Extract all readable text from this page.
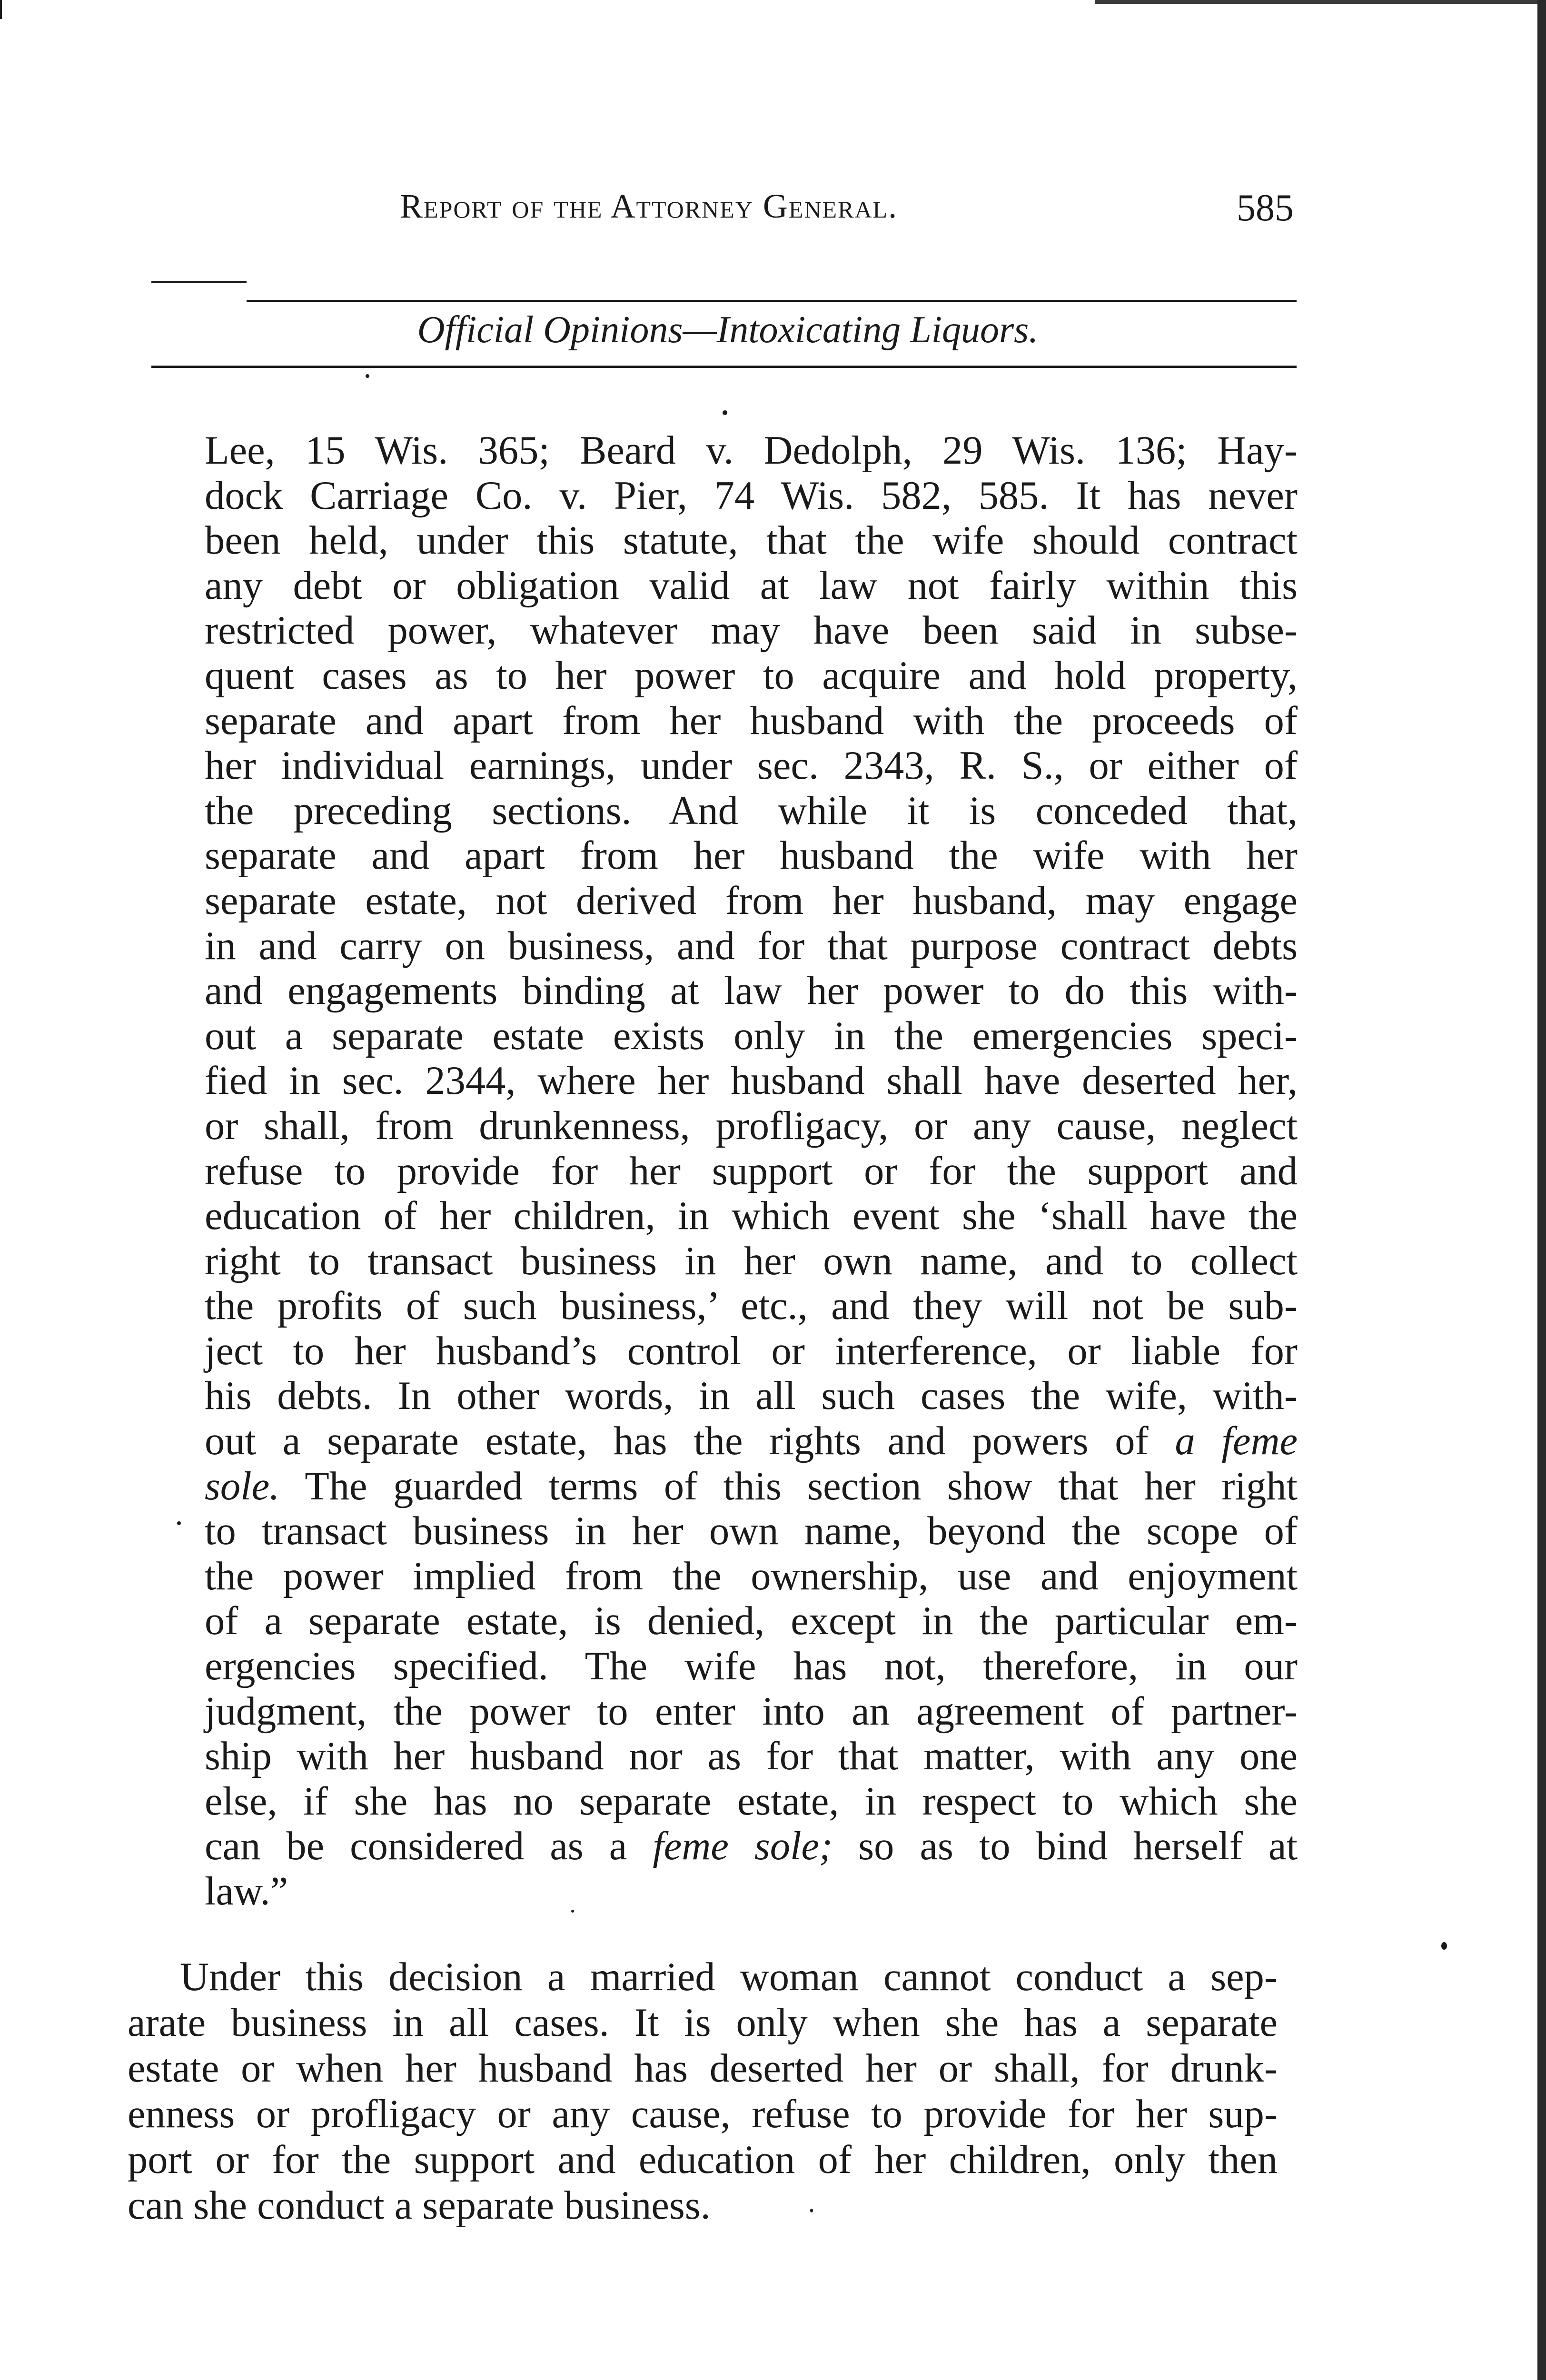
Report of the Attorney General.	585
Official Opinions—Intoxicating Liquors.
Lee, 15 Wis. 365; Beard v. Dedolph, 29 Wis. 136; Hay-
dock Carriage Co. v. Pier, 74 Wis. 582, 585. It has never
been held, under this statute, that the wife should contract
any debt or obligation valid at law not fairly within this
restricted power, whatever may have been said in subse-
quent cases as to her power to acquire and hold property,
separate and apart from her husband with the proceeds of
her individual earnings, under sec. 2343, R. S., or either of
the preceding sections. And while it is conceded that,
separate and apart from her husband the wife with her
separate estate, not derived from her husband, may engage
in and carry on business, and for that purpose contract debts
and engagements binding at law her power to do this with-
out a separate estate exists only in the emergencies speci-
fied in sec. 2344, where her husband shall have deserted her,
or shall, from drunkenness, profligacy, or any cause, neglect
refuse to provide for her support or for the support and
education of her children, in which event she ‘shall have the
right to transact business in her own name, and to collect
the profits of such business,’ etc., and they will not be sub-
ject to her husband’s control or interference, or liable for
his debts. In other words, in all such cases the wife, with-
out a separate estate, has the rights and powers of a feme
sole. The guarded terms of this section show that her right
to transact business in her own name, beyond the scope of
the power implied from the ownership, use and enjoyment
of a separate estate, is denied, except in the particular em-
ergencies specified. The wife has not, therefore, in our
judgment, the power to enter into an agreement of partner-
ship with her husband nor as for that matter, with any one
else, if she has no separate estate, in respect to which she
can be considered as a feme sole; so as to bind herself at
law.”
Under this decision a married woman cannot conduct a sep-
arate business in all cases. It is only when she has a separate
estate or when her husband has deserted her or shall, for drunk-
enness or profligacy or any cause, refuse to provide for her sup-
port or for the support and education of her children, only then
can she conduct a separate business.
